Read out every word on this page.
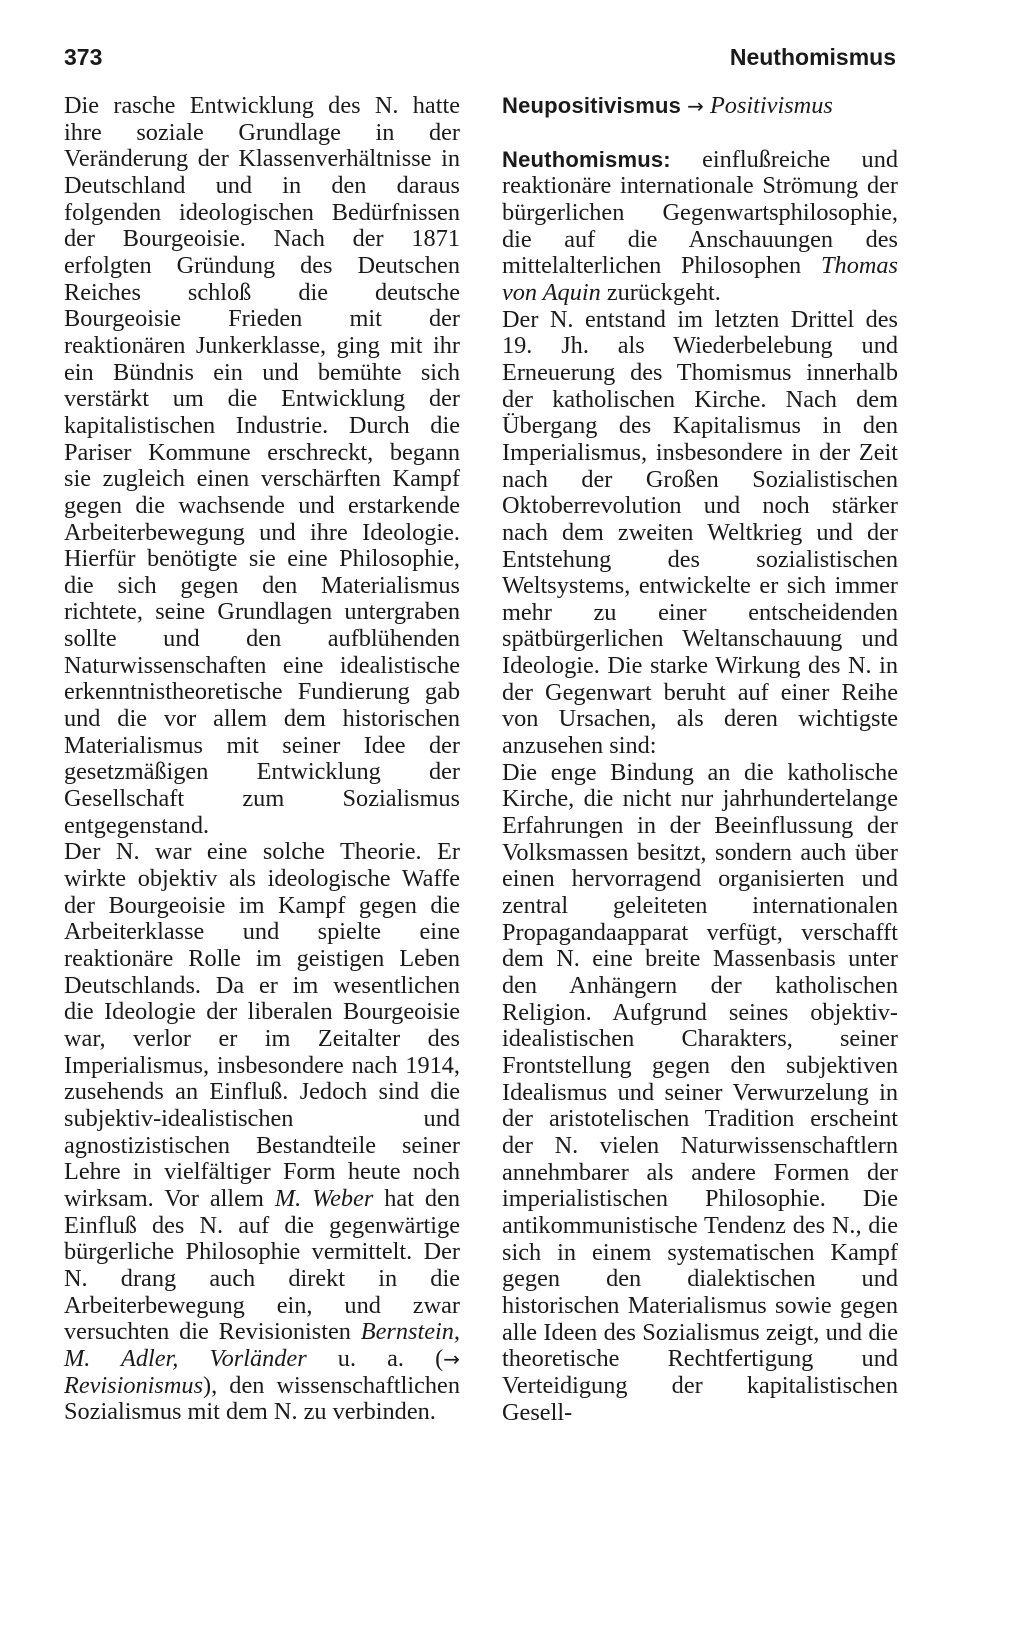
373	Neuthomismus

Die rasche Entwicklung des N. hatte ihre soziale Grundlage in der Veränderung der Klassenverhältnisse in Deutschland und in den daraus folgenden ideologischen Bedürfnissen der Bourgeoisie. Nach der 1871 erfolgten Gründung des Deutschen Reiches schloß die deutsche Bourgeoisie Frieden mit der reaktionären Junkerklasse, ging mit ihr ein Bündnis ein und bemühte sich verstärkt um die Entwicklung der kapitalistischen Industrie. Durch die Pariser Kommune erschreckt, begann sie zugleich einen verschärften Kampf gegen die wachsende und erstarkende Arbeiterbewegung und ihre Ideologie. Hierfür benötigte sie eine Philosophie, die sich gegen den Materialismus richtete, seine Grundlagen untergraben sollte und den aufblühenden Naturwissenschaften eine idealistische erkenntnistheoretische Fundierung gab und die vor allem dem historischen Materialismus mit seiner Idee der gesetzmäßigen Entwicklung der Gesellschaft zum Sozialismus entgegenstand.

Der N. war eine solche Theorie. Er wirkte objektiv als ideologische Waffe der Bourgeoisie im Kampf gegen die Arbeiterklasse und spielte eine reaktionäre Rolle im geistigen Leben Deutschlands. Da er im wesentlichen die Ideologie der liberalen Bourgeoisie war, verlor er im Zeitalter des Imperialismus, insbesondere nach 1914, zusehends an Einfluß. Jedoch sind die subjektiv-idealistischen und agnostizistischen Bestandteile seiner Lehre in vielfältiger Form heute noch wirksam. Vor allem M. Weber hat den Einfluß des N. auf die gegenwärtige bürgerliche Philosophie vermittelt. Der N. drang auch direkt in die Arbeiterbewegung ein, und zwar versuchten die Revisionisten Bernstein, M. Adler, Vorländer u. a. (→ Revisionismus), den wissenschaftlichen Sozialismus mit dem N. zu verbinden.

Neupositivismus → Positivismus

Neuthomismus: einflußreiche und reaktionäre internationale Strömung der bürgerlichen Gegenwartsphilosophie, die auf die Anschauungen des mittelalterlichen Philosophen Thomas von Aquin zurückgeht.

Der N. entstand im letzten Drittel des 19. Jh. als Wiederbelebung und Erneuerung des Thomismus innerhalb der katholischen Kirche. Nach dem Übergang des Kapitalismus in den Imperialismus, insbesondere in der Zeit nach der Großen Sozialistischen Oktoberrevolution und noch stärker nach dem zweiten Weltkrieg und der Entstehung des sozialistischen Weltsystems, entwickelte er sich immer mehr zu einer entscheidenden spätbürgerlichen Weltanschauung und Ideologie. Die starke Wirkung des N. in der Gegenwart beruht auf einer Reihe von Ursachen, als deren wichtigste anzusehen sind:

Die enge Bindung an die katholische Kirche, die nicht nur jahrhundertelange Erfahrungen in der Beeinflussung der Volksmassen besitzt, sondern auch über einen hervorragend organisierten und zentral geleiteten internationalen Propagandaapparat verfügt, verschafft dem N. eine breite Massenbasis unter den Anhängern der katholischen Religion. Aufgrund seines objektiv-idealistischen Charakters, seiner Frontstellung gegen den subjektiven Idealismus und seiner Verwurzelung in der aristotelischen Tradition erscheint der N. vielen Naturwissenschaftlern annehmbarer als andere Formen der imperialistischen Philosophie. Die antikommunistische Tendenz des N., die sich in einem systematischen Kampf gegen den dialektischen und historischen Materialismus sowie gegen alle Ideen des Sozialismus zeigt, und die theoretische Rechtfertigung und Verteidigung der kapitalistischen Gesell-
